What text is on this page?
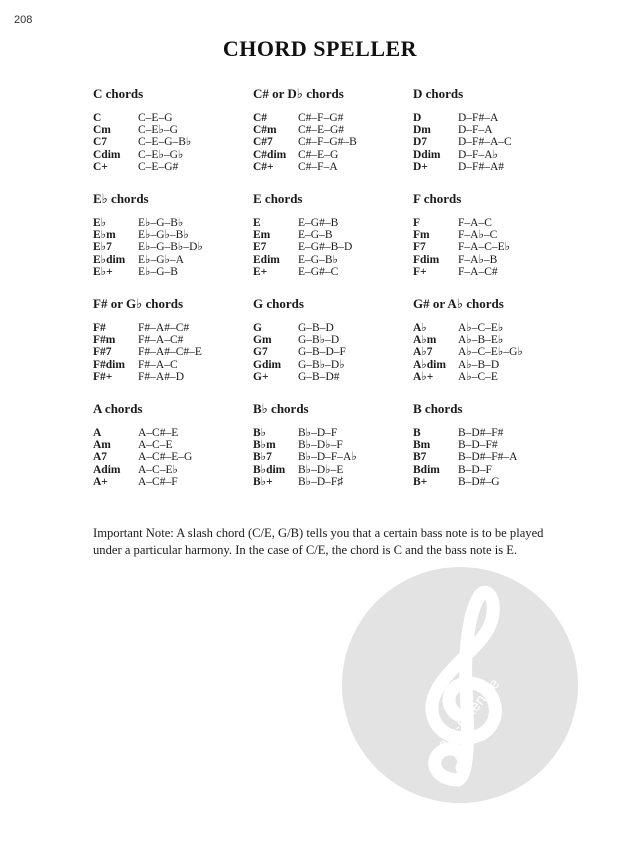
208
CHORD SPELLER
C chords
C	C–E–G
Cm	C–E♭–G
C7	C–E–G–B♭
Cdim	C–E♭–G♭
C+	C–E–G#
C# or D♭ chords
C#	C#–F–G#
C#m	C#–E–G#
C#7	C#–F–G#–B
C#dim	C#–E–G
C#+	C#–F–A
D chords
D	D–F#–A
Dm	D–F–A
D7	D–F#–A–C
Ddim	D–F–A♭
D+	D–F#–A#
E♭ chords
E♭	E♭–G–B♭
E♭m	E♭–G♭–B♭
E♭7	E♭–G–B♭–D♭
E♭dim	E♭–G♭–A
E♭+	E♭–G–B
E chords
E	E–G#–B
Em	E–G–B
E7	E–G#–B–D
Edim	E–G–B♭
E+	E–G#–C
F chords
F	F–A–C
Fm	F–A♭–C
F7	F–A–C–E♭
Fdim	F–A♭–B
F+	F–A–C#
F# or G♭ chords
F#	F#–A#–C#
F#m	F#–A–C#
F#7	F#–A#–C#–E
F#dim	F#–A–C
F#+	F#–A#–D
G chords
G	G–B–D
Gm	G–B♭–D
G7	G–B–D–F
Gdim	G–B♭–D♭
G+	G–B–D#
G# or A♭ chords
A♭	A♭–C–E♭
A♭m	A♭–B–E♭
A♭7	A♭–C–E♭–G♭
A♭dim	A♭–B–D
A♭+	A♭–C–E
A chords
A	A–C#–E
Am	A–C–E
A7	A–C#–E–G
Adim	A–C–E♭
A+	A–C#–F
B♭ chords
B♭	B♭–D–F
B♭m	B♭–D♭–F
B♭7	B♭–D–F–A♭
B♭dim	B♭–D♭–E
B♭+	B♭–D–F♯
B chords
B	B–D#–F#
Bm	B–D–F#
B7	B–D#–F#–A
Bdim	B–D–F
B+	B–D#–G
Important Note: A slash chord (C/E, G/B) tells you that a certain bass note is to be played under a particular harmony. In the case of C/E, the chord is C and the bass note is E.
alle-noten.de
